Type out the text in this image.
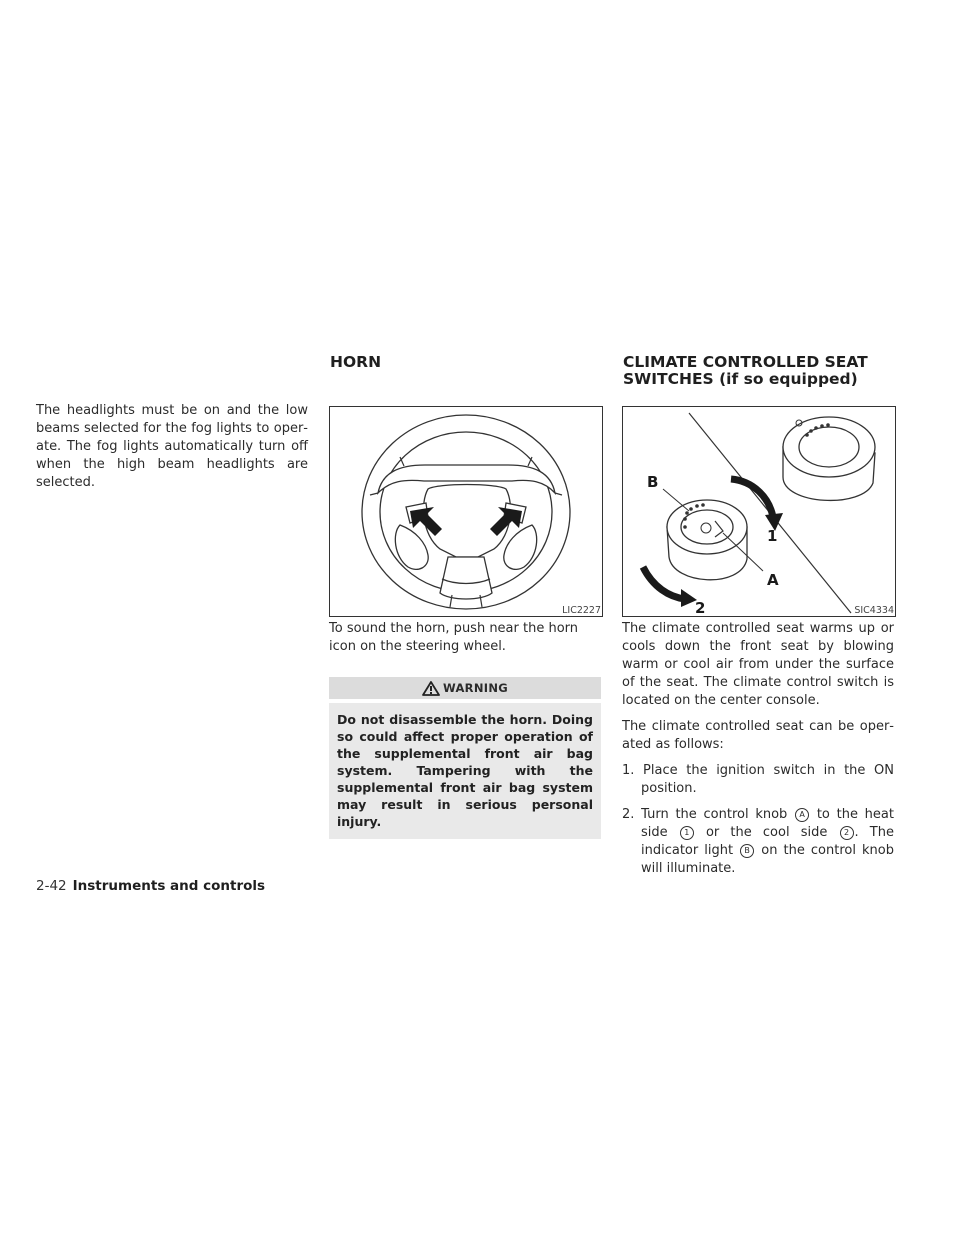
The headlights must be on and the low beams selected for the fog lights to operate. The fog lights automatically turn off when the high beam headlights are selected.

HORN	CLIMATE CONTROLLED SEAT
SWITCHES (if so equipped)
LIC2227
B
1
A
2	SIC4334

To sound the horn, push near the horn icon on the steering wheel.

WARNING
Do not disassemble the horn. Doing so could affect proper operation of the supplemental front air bag system. Tampering with the supplemental front air bag system may result in serious personal injury.

The climate controlled seat warms up or cools down the front seat by blowing warm or cool air from under the surface of the seat. The climate control switch is located on the center console.

The climate controlled seat can be operated as follows:

1. Place the ignition switch in the ON position.

2. Turn the control knob A to the heat side 1 or the cool side 2 . The indicator light B on the control knob will illuminate.

2-42 Instruments and controls
